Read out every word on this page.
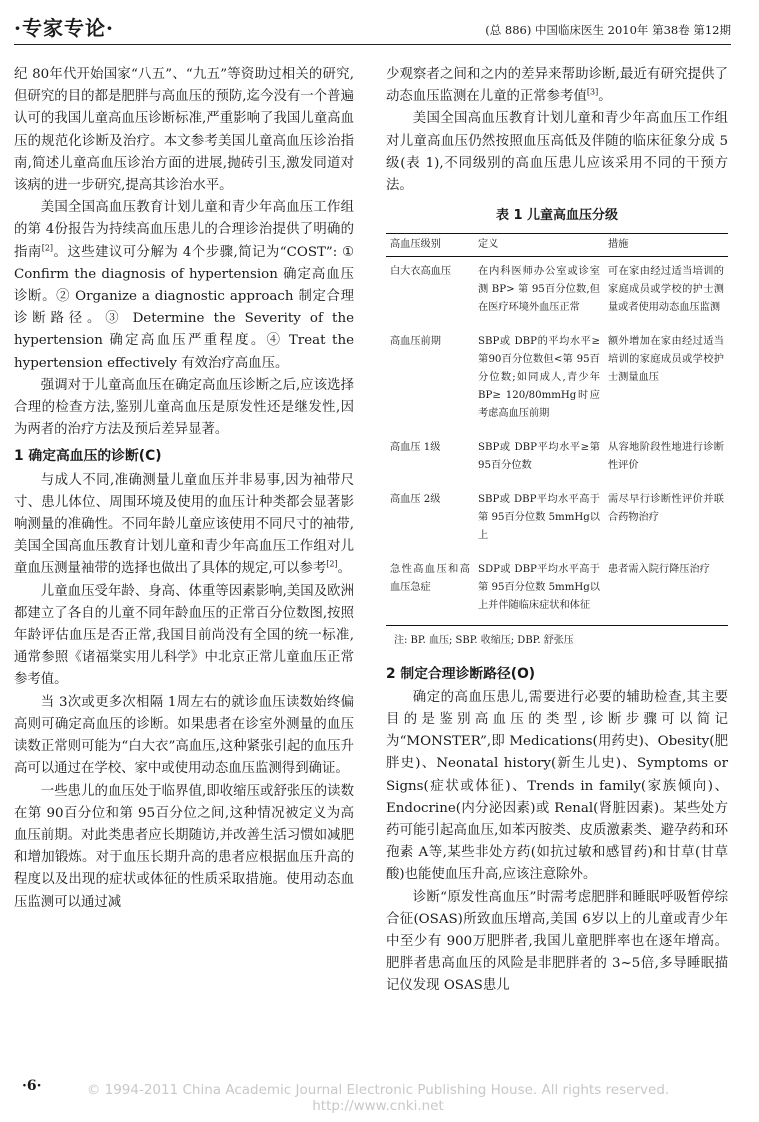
·专家专论·	(总 886) 中国临床医生 2010年 第38卷 第12期

纪 80年代开始国家“八五”、“九五”等资助过相关的研究,但研究的目的都是肥胖与高血压的预防,迄今没有一个普遍认可的我国儿童高血压诊断标准,严重影响了我国儿童高血压的规范化诊断及治疗。本文参考美国儿童高血压诊治指南,简述儿童高血压诊治方面的进展,抛砖引玉,激发同道对该病的进一步研究,提高其诊治水平。

美国全国高血压教育计划儿童和青少年高血压工作组的第 4份报告为持续高血压患儿的合理诊治提供了明确的指南[2]。这些建议可分解为 4个步骤,简记为“COST”: ① Confirm the diagnosis of hypertension 确定高血压诊断。② Organize a diagnostic approach 制定合理诊断路径。③ Determine the Severity of the hypertension 确定高血压严重程度。④ Treat the hypertension effectively 有效治疗高血压。

强调对于儿童高血压在确定高血压诊断之后,应该选择合理的检查方法,鉴别儿童高血压是原发性还是继发性,因为两者的治疗方法及预后差异显著。

1 确定高血压的诊断(C)

与成人不同,准确测量儿童血压并非易事,因为袖带尺寸、患儿体位、周围环境及使用的血压计种类都会显著影响测量的准确性。不同年龄儿童应该使用不同尺寸的袖带,美国全国高血压教育计划儿童和青少年高血压工作组对儿童血压测量袖带的选择也做出了具体的规定,可以参考[2]。

儿童血压受年龄、身高、体重等因素影响,美国及欧洲都建立了各自的儿童不同年龄血压的正常百分位数图,按照年龄评估血压是否正常,我国目前尚没有全国的统一标准,通常参照《诸福棠实用儿科学》中北京正常儿童血压正常参考值。

当 3次或更多次相隔 1周左右的就诊血压读数始终偏高则可确定高血压的诊断。如果患者在诊室外测量的血压读数正常则可能为“白大衣”高血压,这种紧张引起的血压升高可以通过在学校、家中或使用动态血压监测得到确证。

一些患儿的血压处于临界值,即收缩压或舒张压的读数在第 90百分位和第 95百分位之间,这种情况被定义为高血压前期。对此类患者应长期随访,并改善生活习惯如减肥和增加锻炼。对于血压长期升高的患者应根据血压升高的程度以及出现的症状或体征的性质采取措施。使用动态血压监测可以通过减

少观察者之间和之内的差异来帮助诊断,最近有研究提供了动态血压监测在儿童的正常参考值[3]。

美国全国高血压教育计划儿童和青少年高血压工作组对儿童高血压仍然按照血压高低及伴随的临床征象分成 5级(表 1),不同级别的高血压患儿应该采用不同的干预方法。

表 1 儿童高血压分级
高血压级别	定义	措施
白大衣高血压	在内科医师办公室或诊室测 BP> 第 95百分位数,但在医疗环境外血压正常	可在家由经过适当培训的家庭成员或学校的护士测量或者使用动态血压监测
高血压前期	SBP或 DBP的平均水平≥第90百分位数但<第 95百分位数;如同成人,青少年 BP≥ 120/80mmHg时应考虑高血压前期	额外增加在家由经过适当培训的家庭成员或学校护士测量血压
高血压 1级	SBP或 DBP平均水平≥第 95百分位数	从容地阶段性地进行诊断性评价
高血压 2级	SBP或 DBP平均水平高于第 95百分位数 5mmHg以上	需尽早行诊断性评价并联合药物治疗
急性高血压和高血压急症	SDP或 DBP平均水平高于第 95百分位数 5mmHg以上并伴随临床症状和体征	患者需入院行降压治疗
注: BP. 血压; SBP. 收缩压; DBP. 舒张压
2 制定合理诊断路径(O)

确定的高血压患儿,需要进行必要的辅助检查,其主要目的是鉴别高血压的类型,诊断步骤可以简记为“MONSTER”,即 Medications(用药史)、Obesity(肥胖史)、Neonatal history(新生儿史)、Symptoms or Signs(症状或体征)、Trends in family(家族倾向)、Endocrine(内分泌因素)或 Renal(肾脏因素)。某些处方药可能引起高血压,如苯丙胺类、皮质激素类、避孕药和环孢素 A等,某些非处方药(如抗过敏和感冒药)和甘草(甘草酸)也能使血压升高,应该注意除外。

诊断“原发性高血压”时需考虑肥胖和睡眠呼吸暂停综合征(OSAS)所致血压增高,美国 6岁以上的儿童或青少年中至少有 900万肥胖者,我国儿童肥胖率也在逐年增高。肥胖者患高血压的风险是非肥胖者的 3~5倍,多导睡眠描记仪发现 OSAS患儿

·6·	© 1994-2011 China Academic Journal Electronic Publishing House. All rights reserved. http://www.cnki.net
